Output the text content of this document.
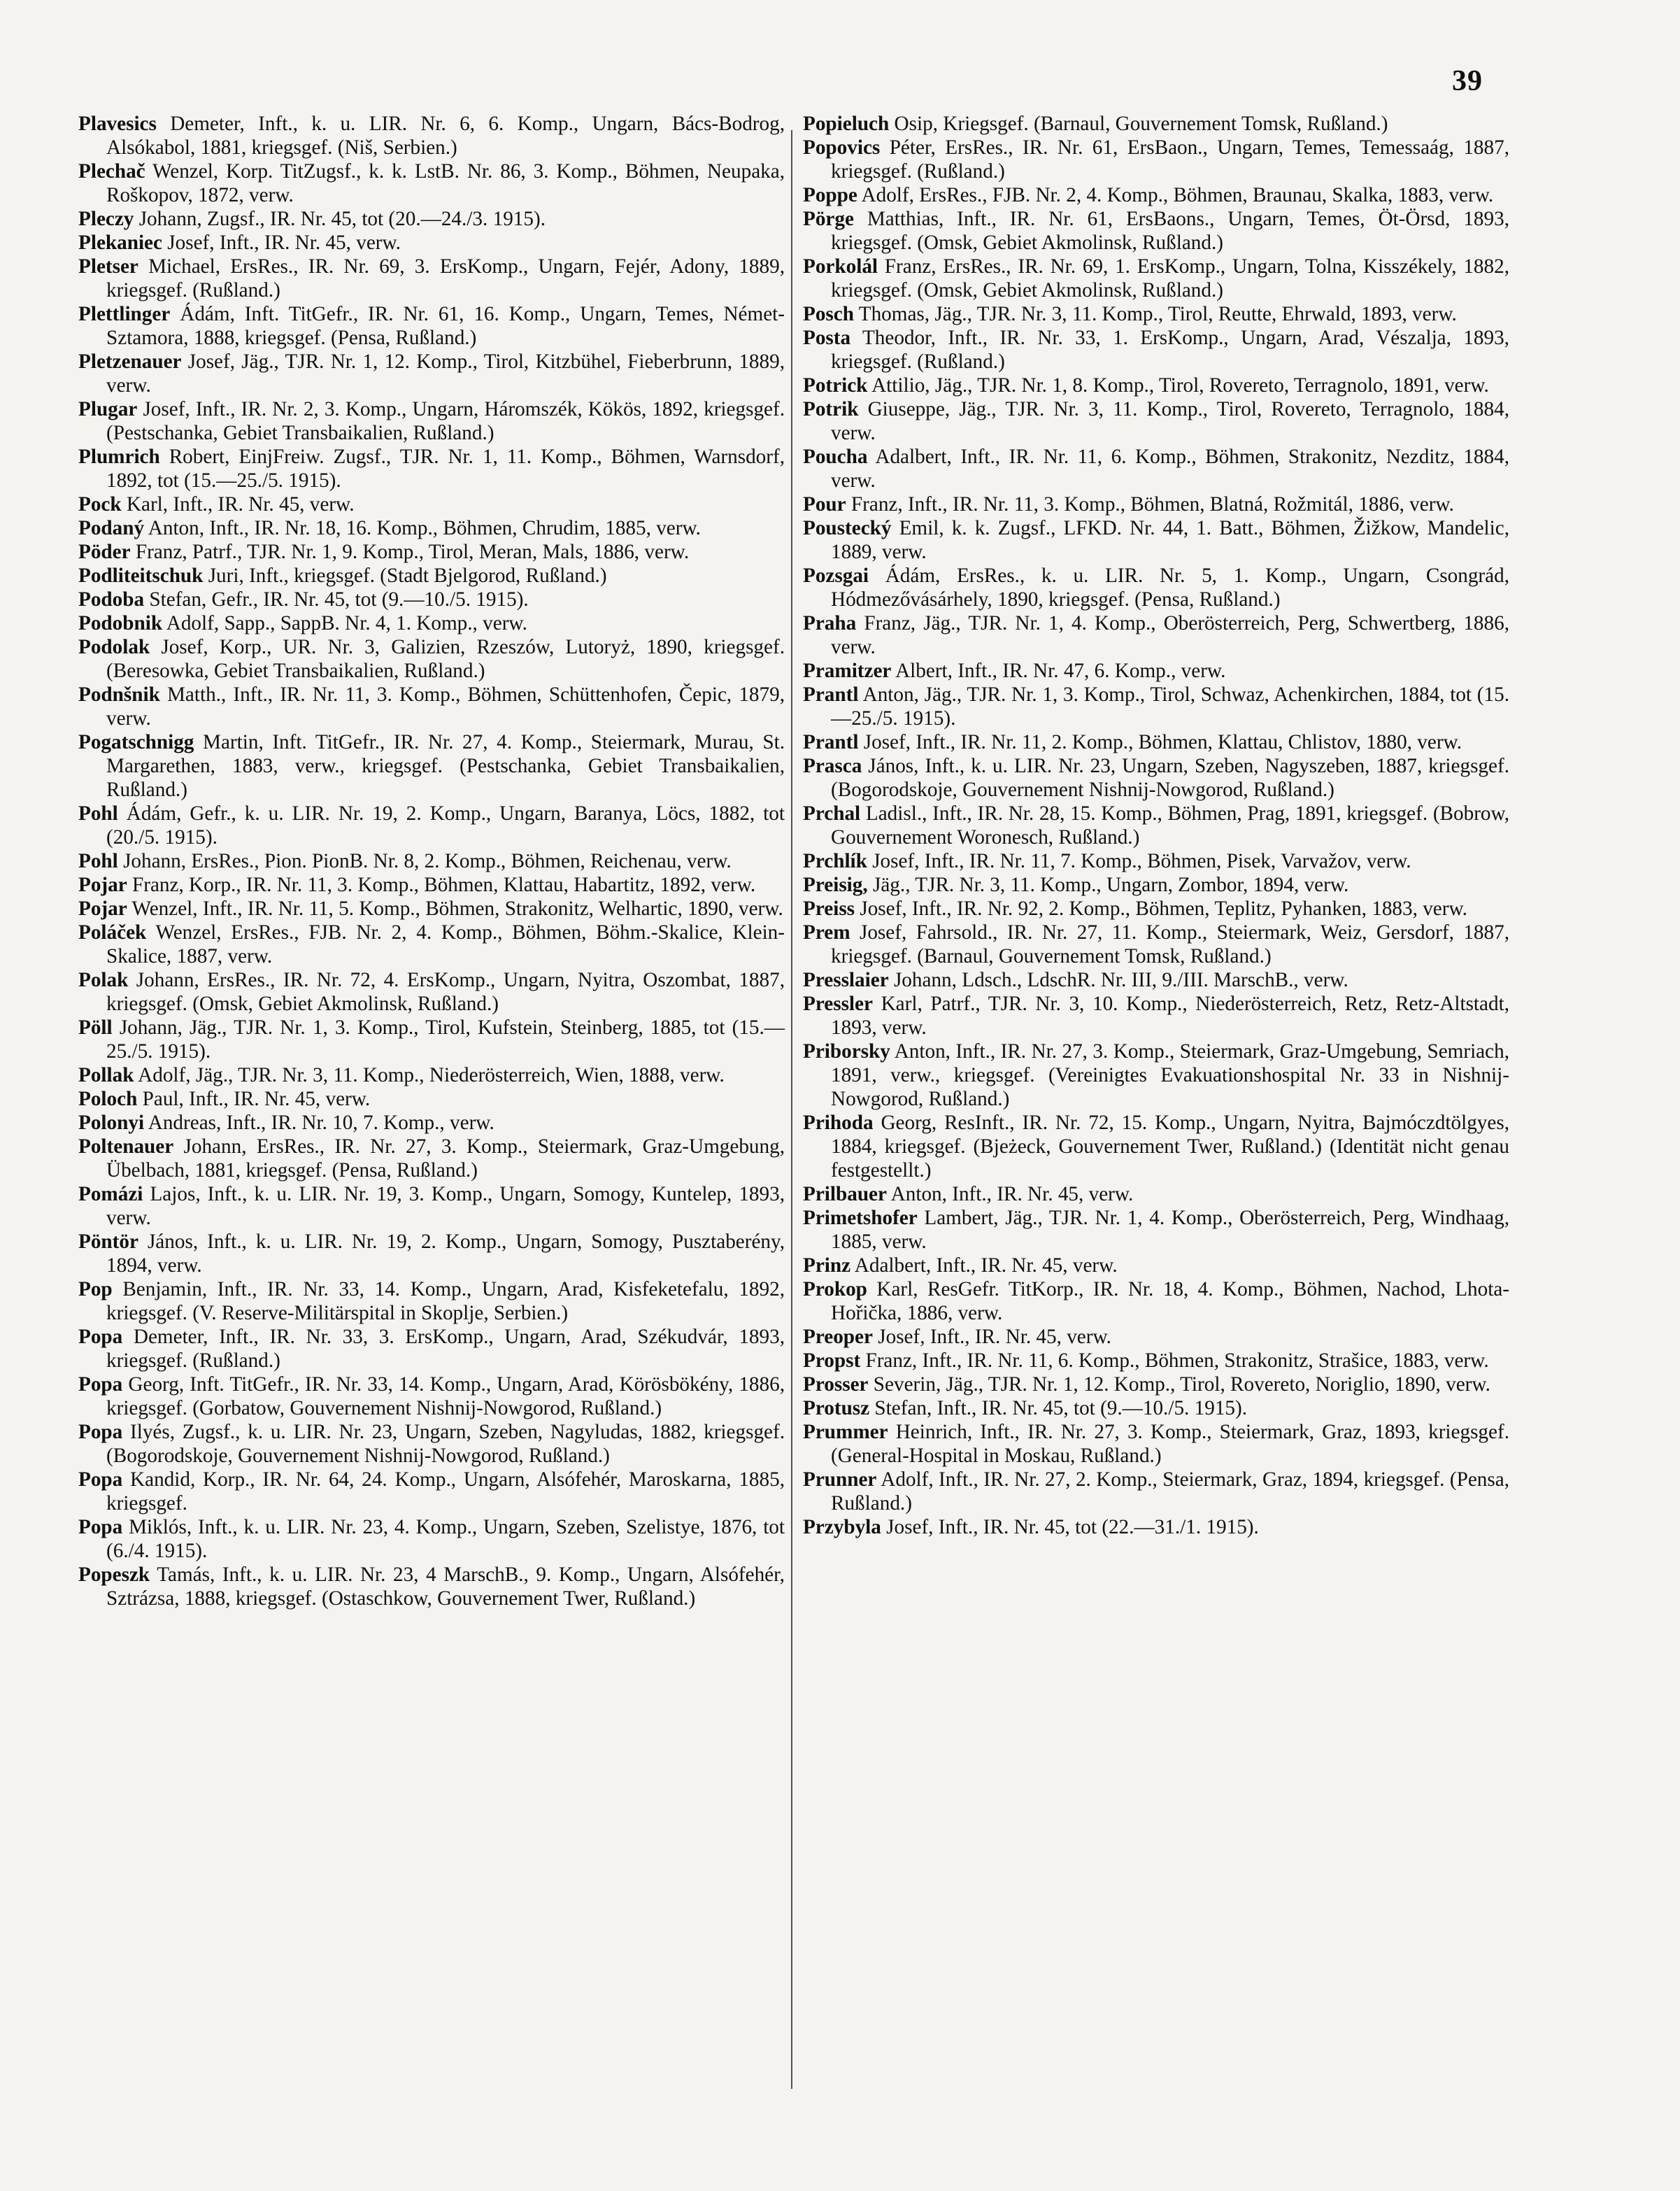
39

Plavesics Demeter, Inft., k. u. LIR. Nr. 6, 6. Komp., Ungarn, Bács-Bodrog, Alsókabol, 1881, kriegsgef. (Niš, Serbien.)

Plechač Wenzel, Korp. TitZugsf., k. k. LstB. Nr. 86, 3. Komp., Böhmen, Neupaka, Roškopov, 1872, verw.

Pleczy Johann, Zugsf., IR. Nr. 45, tot (20.—24./3. 1915).

Plekaniec Josef, Inft., IR. Nr. 45, verw.

Pletser Michael, ErsRes., IR. Nr. 69, 3. ErsKomp., Ungarn, Fejér, Adony, 1889, kriegsgef. (Rußland.)

Plettlinger Ádám, Inft. TitGefr., IR. Nr. 61, 16. Komp., Ungarn, Temes, Német-Sztamora, 1888, kriegsgef. (Pensa, Rußland.)

Pletzenauer Josef, Jäg., TJR. Nr. 1, 12. Komp., Tirol, Kitzbühel, Fieberbrunn, 1889, verw.

Plugar Josef, Inft., IR. Nr. 2, 3. Komp., Ungarn, Háromszék, Kökös, 1892, kriegsgef. (Pestschanka, Gebiet Transbaikalien, Rußland.)

Plumrich Robert, EinjFreiw. Zugsf., TJR. Nr. 1, 11. Komp., Böhmen, Warnsdorf, 1892, tot (15.—25./5. 1915).

Pock Karl, Inft., IR. Nr. 45, verw.

Podaný Anton, Inft., IR. Nr. 18, 16. Komp., Böhmen, Chrudim, 1885, verw.

Pöder Franz, Patrf., TJR. Nr. 1, 9. Komp., Tirol, Meran, Mals, 1886, verw.

Podliteitschuk Juri, Inft., kriegsgef. (Stadt Bjelgorod, Rußland.)

Podoba Stefan, Gefr., IR. Nr. 45, tot (9.—10./5. 1915).

Podobnik Adolf, Sapp., SappB. Nr. 4, 1. Komp., verw.

Podolak Josef, Korp., UR. Nr. 3, Galizien, Rzeszów, Lutoryż, 1890, kriegsgef. (Beresowka, Gebiet Transbaikalien, Rußland.)

Podnšnik Matth., Inft., IR. Nr. 11, 3. Komp., Böhmen, Schüttenhofen, Čepic, 1879, verw.

Pogatschnigg Martin, Inft. TitGefr., IR. Nr. 27, 4. Komp., Steiermark, Murau, St. Margarethen, 1883, verw., kriegsgef. (Pestschanka, Gebiet Transbaikalien, Rußland.)

Pohl Ádám, Gefr., k. u. LIR. Nr. 19, 2. Komp., Ungarn, Baranya, Löcs, 1882, tot (20./5. 1915).

Pohl Johann, ErsRes., Pion. PionB. Nr. 8, 2. Komp., Böhmen, Reichenau, verw.

Pojar Franz, Korp., IR. Nr. 11, 3. Komp., Böhmen, Klattau, Habartitz, 1892, verw.

Pojar Wenzel, Inft., IR. Nr. 11, 5. Komp., Böhmen, Strakonitz, Welhartic, 1890, verw.

Poláček Wenzel, ErsRes., FJB. Nr. 2, 4. Komp., Böhmen, Böhm.-Skalice, Klein-Skalice, 1887, verw.

Polak Johann, ErsRes., IR. Nr. 72, 4. ErsKomp., Ungarn, Nyitra, Oszombat, 1887, kriegsgef. (Omsk, Gebiet Akmolinsk, Rußland.)

Pöll Johann, Jäg., TJR. Nr. 1, 3. Komp., Tirol, Kufstein, Steinberg, 1885, tot (15.—25./5. 1915).

Pollak Adolf, Jäg., TJR. Nr. 3, 11. Komp., Niederösterreich, Wien, 1888, verw.

Poloch Paul, Inft., IR. Nr. 45, verw.

Polonyi Andreas, Inft., IR. Nr. 10, 7. Komp., verw.

Poltenauer Johann, ErsRes., IR. Nr. 27, 3. Komp., Steiermark, Graz-Umgebung, Übelbach, 1881, kriegsgef. (Pensa, Rußland.)

Pomázi Lajos, Inft., k. u. LIR. Nr. 19, 3. Komp., Ungarn, Somogy, Kuntelep, 1893, verw.

Pöntör János, Inft., k. u. LIR. Nr. 19, 2. Komp., Ungarn, Somogy, Pusztaberény, 1894, verw.

Pop Benjamin, Inft., IR. Nr. 33, 14. Komp., Ungarn, Arad, Kisfeketefalu, 1892, kriegsgef. (V. Reserve-Militärspital in Skoplje, Serbien.)

Popa Demeter, Inft., IR. Nr. 33, 3. ErsKomp., Ungarn, Arad, Székudvár, 1893, kriegsgef. (Rußland.)

Popa Georg, Inft. TitGefr., IR. Nr. 33, 14. Komp., Ungarn, Arad, Körösbökény, 1886, kriegsgef. (Gorbatow, Gouvernement Nishnij-Nowgorod, Rußland.)

Popa Ilyés, Zugsf., k. u. LIR. Nr. 23, Ungarn, Szeben, Nagyludas, 1882, kriegsgef. (Bogorodskoje, Gouvernement Nishnij-Nowgorod, Rußland.)

Popa Kandid, Korp., IR. Nr. 64, 24. Komp., Ungarn, Alsófehér, Maroskarna, 1885, kriegsgef.

Popa Miklós, Inft., k. u. LIR. Nr. 23, 4. Komp., Ungarn, Szeben, Szelistye, 1876, tot (6./4. 1915).

Popeszk Tamás, Inft., k. u. LIR. Nr. 23, 4 MarschB., 9. Komp., Ungarn, Alsófehér, Sztrázsa, 1888, kriegsgef. (Ostaschkow, Gouvernement Twer, Rußland.)

Popieluch Osip, Kriegsgef. (Barnaul, Gouvernement Tomsk, Rußland.)

Popovics Péter, ErsRes., IR. Nr. 61, ErsBaon., Ungarn, Temes, Temessaág, 1887, kriegsgef. (Rußland.)

Poppe Adolf, ErsRes., FJB. Nr. 2, 4. Komp., Böhmen, Braunau, Skalka, 1883, verw.

Pörge Matthias, Inft., IR. Nr. 61, ErsBaons., Ungarn, Temes, Öt-Örsd, 1893, kriegsgef. (Omsk, Gebiet Akmolinsk, Rußland.)

Porkolál Franz, ErsRes., IR. Nr. 69, 1. ErsKomp., Ungarn, Tolna, Kisszékely, 1882, kriegsgef. (Omsk, Gebiet Akmolinsk, Rußland.)

Posch Thomas, Jäg., TJR. Nr. 3, 11. Komp., Tirol, Reutte, Ehrwald, 1893, verw.

Posta Theodor, Inft., IR. Nr. 33, 1. ErsKomp., Ungarn, Arad, Vészalja, 1893, kriegsgef. (Rußland.)

Potrick Attilio, Jäg., TJR. Nr. 1, 8. Komp., Tirol, Rovereto, Terragnolo, 1891, verw.

Potrik Giuseppe, Jäg., TJR. Nr. 3, 11. Komp., Tirol, Rovereto, Terragnolo, 1884, verw.

Poucha Adalbert, Inft., IR. Nr. 11, 6. Komp., Böhmen, Strakonitz, Nezditz, 1884, verw.

Pour Franz, Inft., IR. Nr. 11, 3. Komp., Böhmen, Blatná, Rožmitál, 1886, verw.

Poustecký Emil, k. k. Zugsf., LFKD. Nr. 44, 1. Batt., Böhmen, Žižkow, Mandelic, 1889, verw.

Pozsgai Ádám, ErsRes., k. u. LIR. Nr. 5, 1. Komp., Ungarn, Csongrád, Hódmezővásárhely, 1890, kriegsgef. (Pensa, Rußland.)

Praha Franz, Jäg., TJR. Nr. 1, 4. Komp., Oberösterreich, Perg, Schwertberg, 1886, verw.

Pramitzer Albert, Inft., IR. Nr. 47, 6. Komp., verw.

Prantl Anton, Jäg., TJR. Nr. 1, 3. Komp., Tirol, Schwaz, Achenkirchen, 1884, tot (15.—25./5. 1915).

Prantl Josef, Inft., IR. Nr. 11, 2. Komp., Böhmen, Klattau, Chlistov, 1880, verw.

Prasca János, Inft., k. u. LIR. Nr. 23, Ungarn, Szeben, Nagyszeben, 1887, kriegsgef. (Bogorodskoje, Gouvernement Nishnij-Nowgorod, Rußland.)

Prchal Ladisl., Inft., IR. Nr. 28, 15. Komp., Böhmen, Prag, 1891, kriegsgef. (Bobrow, Gouvernement Woronesch, Rußland.)

Prchlík Josef, Inft., IR. Nr. 11, 7. Komp., Böhmen, Pisek, Varvažov, verw.

Preisig, Jäg., TJR. Nr. 3, 11. Komp., Ungarn, Zombor, 1894, verw.

Preiss Josef, Inft., IR. Nr. 92, 2. Komp., Böhmen, Teplitz, Pyhanken, 1883, verw.

Prem Josef, Fahrsold., IR. Nr. 27, 11. Komp., Steiermark, Weiz, Gersdorf, 1887, kriegsgef. (Barnaul, Gouvernement Tomsk, Rußland.)

Presslaier Johann, Ldsch., LdschR. Nr. III, 9./III. MarschB., verw.

Pressler Karl, Patrf., TJR. Nr. 3, 10. Komp., Niederösterreich, Retz, Retz-Altstadt, 1893, verw.

Priborsky Anton, Inft., IR. Nr. 27, 3. Komp., Steiermark, Graz-Umgebung, Semriach, 1891, verw., kriegsgef. (Vereinigtes Evakuationshospital Nr. 33 in Nishnij-Nowgorod, Rußland.)

Prihoda Georg, ResInft., IR. Nr. 72, 15. Komp., Ungarn, Nyitra, Bajmóczdtölgyes, 1884, kriegsgef. (Bjeżeck, Gouvernement Twer, Rußland.) (Identität nicht genau festgestellt.)

Prilbauer Anton, Inft., IR. Nr. 45, verw.

Primetshofer Lambert, Jäg., TJR. Nr. 1, 4. Komp., Oberösterreich, Perg, Windhaag, 1885, verw.

Prinz Adalbert, Inft., IR. Nr. 45, verw.

Prokop Karl, ResGefr. TitKorp., IR. Nr. 18, 4. Komp., Böhmen, Nachod, Lhota-Hořička, 1886, verw.

Preoper Josef, Inft., IR. Nr. 45, verw.

Propst Franz, Inft., IR. Nr. 11, 6. Komp., Böhmen, Strakonitz, Strašice, 1883, verw.

Prosser Severin, Jäg., TJR. Nr. 1, 12. Komp., Tirol, Rovereto, Noriglio, 1890, verw.

Protusz Stefan, Inft., IR. Nr. 45, tot (9.—10./5. 1915).

Prummer Heinrich, Inft., IR. Nr. 27, 3. Komp., Steiermark, Graz, 1893, kriegsgef. (General-Hospital in Moskau, Rußland.)

Prunner Adolf, Inft., IR. Nr. 27, 2. Komp., Steiermark, Graz, 1894, kriegsgef. (Pensa, Rußland.)

Przybyla Josef, Inft., IR. Nr. 45, tot (22.—31./1. 1915).
